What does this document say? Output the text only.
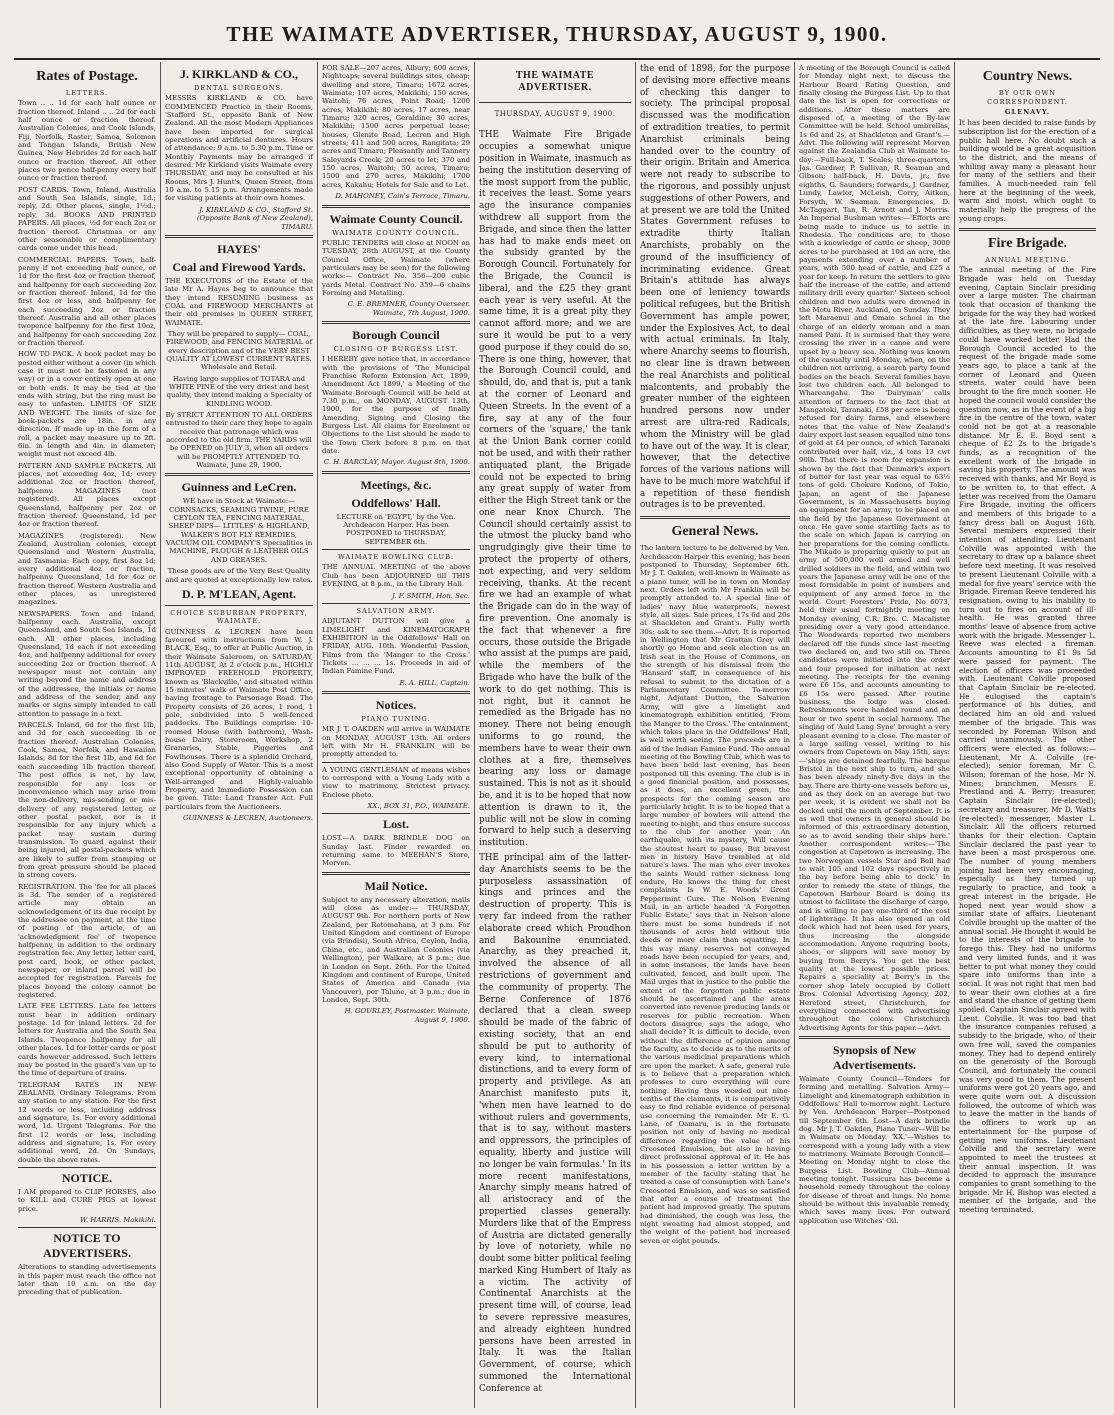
THE WAIMATE ADVERTISER, THURSDAY, AUGUST 9, 1900.
Rates of Postage.
LETTERS.

Town .. .. 1d for each half ounce or fraction thereof. Inland .. .. 2d for each half ounce or fraction thereof. Australian Colonies, and Cook Islands, Fiji, Norfolk, Raster, Samoa, Solomon and Tongan Islands, British New Guinea, New Hebrides 2d for each half ounce or fraction thereof. All other places two pence half-penny every half ounce or fraction thereof.

POST CARDS. Town, Inland, Australia and South Sea Islands, single, 1d.; reply, 2d. Other places, single, 1½d.; reply, 3d. BOOKS AND PRINTED PAPERS. All places, ½d for each 2oz or fraction thereof. Christmas or any other seasonable or complimentary cards come under this head.

COMMERCIAL PAPERS. Town, half-penny if not exceeding half ounce, or 1d for the first 4oz or fraction thereof, and halfpenny for each succeeding 2oz or fraction thereof. Inland, 1d for the first 4oz or less, and halfpenny for each succeeding 2oz or fraction thereof. Australia and all other places twopence halfpenny for the first 10oz, and halfpenny for each succeeding 2oz or fraction thereof.

HOW TO PACK. A book packet may be posted either without a cover (in which case it must not be fastened in any way) or in a cover entirely open at one or both ends. It may be tied at the ends with string, but the ring must be easy to unfasten. LIMITS OF SIZE AND WEIGHT. The limits of size for book-packets are 18in. in any direction. If made up in the form of a roll, a packet may measure up to 2ft. 6in. in length and 4in. in diameter; weight must not exceed 4lb.

PATTERN AND SAMPLE PACKETS. All places, not exceeding 4oz, 1d; every additional 2oz or fraction thereof, halfpenny. MAGAZINES (not registered). All places except Queensland, halfpenny per 2oz or fraction thereof. Queensland, 1d per 4oz or fraction thereof.

MAGAZINES (registered). New Zealand, Australian colonies, except Queensland and Western Australia, and Tasmania: Each copy, first 8oz 1d; every additional 4oz or fraction, halfpenny. Queensland, 1d for 4oz or fraction thereof. Western Australia and other places, as unregistered magazines.

NEWSPAPERS. Town and Inland, halfpenny each. Australia, except Queensland, and South Sea Islands, 1d each. All other places, including Queensland, 1d each if not exceeding 4oz, and halfpenny additional for every succeeding 2oz or fraction thereof. A newspaper must not contain any writing beyond the name and address of the addressee, the initials or name and address of the sender, and any marks or signs simply intended to call attention to passage in a text.

PARCELS. Inland, 6d for the first 1lb, and 3d for each succeeding lb or fraction thereof. Australian Colonies, Cook, Samoa, Norfolk, and Hawaiian Islands, 8d for the first 1lb, and 6d for each succeeding 1lb fraction thereof. The post office is not, by law, responsible for any loss or inconvenience which may arise from the non-delivery, mis-sending or mis-delivery of any registered letter, or other postal packet, nor is it responsible for any injury which a packet may sustain during transmission. To guard against their being injured, all postal-packets which are likely to suffer from stamping or from great pressure should be placed in strong covers.

REGISTRATION. The 'fee for all places is 3d. The sender of a registered article may obtain an acknowledgement of its due receipt by the addressee on payment, at the time of posting of the article, of an 'acknowledgment fee' of twopence halfpenny, in addition to the ordinary registration fee. Any letter, letter card, post card, book, or other packet, newspaper, or inland parcel will be accepted for registration. Parcels for places beyond the colony cannot be registered.

LATE FEE LETTERS. Late fee letters must bear in addition ordinary postage. 1d for inland letters. 2d for letters for Australia and the South Sea Islands. Twopence halfpenny for all other places. 1d for letter cards or post cards however addressed. Such letters may be posted in the guard's van up to the time of departure of trains.

TELEGRAM RATES IN NEW ZEALAND. Ordinary Telegrams. From any station to any station. For the first 12 words or less, including address and signature, 1s. For every additional word, 1d. Urgent Telegrams. For the first 12 words or less, including address and signature, 1s. For every additional word, 2d. On Sundays, double the above rates.

NOTICE.

I AM prepared to CLIP HORSES, also to KILL and CURE PIGS at lowest price.

W. HARRIS. Makikihi.

NOTICE TO ADVERTISERS.

Alterations to standing advertisements in this paper must reach the office not later than 10 a.m. on the day preceding that of publication.

J. KIRKLAND & CO.,
DENTAL SURGEONS.

MESSRS KIRKLAND & CO. have COMMENCED Practice in their Rooms, 'Stafford St., opposite Bank of New Zealand. All the most Modern Appliances have been imported for surgical operations and artificial dentures. Hours of attendance: 9 a.m. to 5.30 p.m. Time or Monthly Payments may be arranged if desired. Mr Kirkland visits Waimate every THURSDAY, and may be consulted at his Rooms, Mrs J. Hunt's, Queen Street, from 10 a.m. to 5.15 p.m. Arrangements made for visiting patients at their own homes.

J. KIRKLAND & CO., Stafford St. (Opposite Bank of New Zealand), TIMARU.

HAYES'
Coal and Firewood Yards.

THE EXECUTORS of the Estate of the late Mr A. Hayes beg to announce that they intend RESUMING business as COAL and FIREWOOD MERCHANTS at their old premises in QUEEN STREET, WAIMATE.

They will be prepared to supply— COAL, FIREWOOD, and FENCING MATERIAL of every description and of the VERY BEST QUALITY AT LOWEST CURRENT RATES. Wholesale and Retail.

Having large supplies of TOTARA and WHITE PINE of the very driest and best quality, they intend making a Specialty of KINDLING WOOD.

By STRICT ATTENTION TO ALL ORDERS entrusted to their care they hope to again receive that patronage which was accorded to the old firm. THE YARDS will be OPENED on JULY 3, when all orders will be PROMPTLY ATTENDED TO. Waimate, June 29, 1900.

Guinness and LeCren.

WE have in Stock at Waimate:— CORNSACKS, SEAMING TWINE, PURE CEYLON TEA, FENCING MATERIAL, SHEEP DIPS— LITTLES' & HIGHLAND, WALKER'S BOT FLY REMEDIES, VACUUM OIL COMPANY'S Specialities in MACHINE, FLOUGH & LEATHER OILS AND GREASES.

These goods are of the Very Best Quality and are quoted at exceptionally low rates.

D. P. M'LEAN, Agent.
CHOICE SUBURBAN PROPERTY, WAIMATE.

GUINNESS & LECREN have been favoured with instructions from W. J. BLACK, Esq., to offer at Public Auction, in their Waimate Saleroom, on SATURDAY, 11th AUGUST, At 2 o'clock p.m., HIGHLY IMPROVED FREEHOLD PROPERTY, known as 'Blackville,' and situated within 15 minutes' walk of Waimate Post Office, having frontage to Parsonage Road. The Property consists of 26 acres, 1 rood, 1 pole, subdivided into 5 well-fenced paddocks. The Buildings comprise: 10-roomed House (with bathroom), Wash-house Dairy, Storeroom, Workshop, 2 Granaries, Stable, Piggeries and Fowlhouses. There is a splendid Orchard, also Good Supply of Water. This is a most exceptional opportunity of obtaining a Well-arranged and Highly-valuable Property, and Immediate Possession can be given. Title: Land Transfer Act. Full particulars from the Auctioneers.

GUINNESS & LECREN, Auctioneers.

FOR SALE—207 acres, Albury; 600 acres, Nightcaps; several buildings sites, cheap; dwelling and store, Timaru; 1672 acres, Waimate; 107 acres, Makikihi; 150 acres, Waitohi; 76 acres, Point Road; 1200 acres, Makikihi; 80 acres, 17 acres, near Timaru; 320 acres, Geraldine; 30 acres, Makikihi; 1500 acres perpetual lease; houses, Glenite Road, Lecren and High streets; 411 and 500 acres, Rangitata; 29 acres and Timaru; Pleasantly and Tannery Saleyards Creek; 20 acres to let; 370 and 150 acres, Waitohi; 50 acres, Timaru; 1500 and 270 acres, Makikihi; 1700 acres, Kakahu; Hotels for Sale and to Let.

D. MAHONEY, Cain's Terrace, Timaru.

Waimate County Council.
WAIMATE COUNTY COUNCIL.

PUBLIC TENDERS will close at NOON on TUESDAY, 28th AUGUST, at the County Council Office, Waimate (where particulars may be seen) for the following works:— Contract No. 356—200 cubic yards Metal. Contract No. 359—6 chains Forming and Metalling.

C. E. BREMNER, County Overseer. Waimate, 7th August, 1900.

Borough Council
CLOSING OF BURGESS LIST.

I HEREBY give notice that, in accordance with the provisions of 'The Municipal Franchise Reform Extension Act, 1899, Amendment Act 1899,' a Meeting of the Waimate Borough Council will be held at 7.30 p.m., on MONDAY, AUGUST 13th, 1900, for the purpose of finally Amending, Signing and Closing the Burgess List. All claims for Enrolment or Objections to the List should be made to the Town Clerk before 8 p.m. on that date.

C. H. BARCLAY, Mayor. August 8th, 1900.

Meetings, &c.
Oddfellows' Hall.

LECTURE on 'EGYPT,' by the Ven. Archdeacon Harper. Has been POSTPONED to THURSDAY, SEPTEMBER 6th.

WAIMATE BOWLING CLUB.

THE ANNUAL MEETING of the above Club has been ADJOURNED till THIS EVENING, at 8 p.m., in the Library Hall.

J. F. SMITH, Hon. Sec.

SALVATION ARMY.

ADJUTANT DUTTON will give a LIMELIGHT and KINEMATOGRAPH EXHIBITION in the Oddfellows' Hall on FRIDAY, AUG. 10th. Wonderful Passion, Films from the 'Manger to the Cross.' Tickets ... ... ... 1s. Proceeds in aid of Indian Famine Fund.

E. A. HILL, Captain.

Notices.
PIANO TUNING.

MR J. T. OAKDEN will arrive in WAIMATE on MONDAY, AUGUST 13th. All orders left with Mr H. FRANKLIN will be promptly attended to.

A YOUNG GENTLEMAN of means wishes to correspond with a Young Lady with a view to matrimony. Strictest privacy. Enclose photo.

XX., BOX 31, P.O., WAIMATE.

Lost.

LOST.—A DARK BRINDLE DOG on Sunday last. Finder rewarded on returning same to MEEHAN'S Store, Morven.

Mail Notice.

Subject to any necessary alteration, mails will close as under:— THURSDAY, AUGUST 9th. For northern ports of New Zealand, per Rotomahana, at 3 p.m. For United Kingdom and continent of Europe (via Brindisi), South Africa, Ceylon, India, China, etc., and Australian Colonies (via Wellington), per Waikare, at 3 p.m.; due in London on Sept. 26th. For the United Kingdom and continent of Europe, United States of America and Canada (via Vancouver), per Talune, at 3 p.m.; due in London, Sept. 30th.

H. GOURLEY, Postmaster. Waimate, August 9, 1900.

THE WAIMATE ADVERTISER.
THURSDAY, AUGUST 9, 1900.

THE Waimate Fire Brigade occupies a somewhat unique position in Waimate, inasmuch as being the institution deserving of the most support from the public, it receives the least. Some years ago the insurance companies withdrew all support from the Brigade, and since then the latter has had to make ends meet on the subsidy granted by the Borough Council. Fortunately for the Brigade, the Council is liberal, and the £25 they grant each year is very useful. At the same time, it is a great pity they cannot afford more; and we are sure it would be put to a very good purpose if they could do so. There is one thing, however, that the Borough Council could, and should, do, and that is, put a tank at the corner of Leonard and Queen Streets. In the event of a fire, say at any of the four corners of the 'square,' the tank at the Union Bank corner could not be used, and with their rather antiquated plant, the Brigade could not be expected to bring any great supply of water from either the High Street tank or the one near Knox Church. The Council should certainly assist to the utmost the plucky band who ungrudgingly give their time to protect the property of others, not expecting, and very seldom receiving, thanks. At the recent fire we had an example of what the Brigade can do in the way of fire prevention. One anomaly is the fact that whenever a fire occurs, those outside the Brigade who assist at the pumps are paid, while the members of the Brigade who have the bulk of the work to do get nothing. This is not right, but it cannot be remedied as the Brigade has no money. There not being enough uniforms to go round, the members have to wear their own clothes at a fire, themselves bearing any loss or damage sustained. This is not as it should be, and it is to be hoped that now attention is drawn to it, the public will not be slow in coming forward to help such a deserving institution.

THE principal aim of the latter-day Anarchists seems to be the purposeless assassination of kings and princes and the destruction of property. This is very far indeed from the rather elaborate creed which Proudhon and Bakounine enunciated. Anarchy, as they preached it, involved the absence of all restrictions of government and the community of property. The Berne Conference of 1876 declared that a clean sweep should be made of the fabric of existing society, that an end should be put to authority of every kind, to international distinctions, and to every form of property and privilege. As an Anarchist manifesto puts it, 'when men have learned to do without rulers and governments, that is to say, without masters and oppressors, the principles of equality, liberty and justice will no longer be vain formulas.' In its more recent manifestations, Anarchy simply means hatred of all aristocracy and of the propertied classes generally. Murders like that of the Empress of Austria are dictated generally by love of notoriety, while no doubt some bitter political feeling marked King Humbert of Italy as a victim. The activity of Continental Anarchists at the present time will, of course, lead to severe repressive measures, and already eighteen hundred persons have been arrested in Italy. It was the Italian Government, of course, which summoned the International Conference at

the end of 1898, for the purpose of devising more effective means of checking this danger to society. The principal proposal discussed was the modification of extradition treaties, to permit Anarchist criminals being handed over to the country of their origin. Britain and America were not ready to subscribe to the rigorous, and possibly unjust suggestions of other Powers, and at present we are told the United States Government refuses to extradite thirty Italian Anarchists, probably on the ground of the insufficiency of incriminating evidence. Great Britain's attitude has always been one of leniency towards political refugees, but the British Government has ample power, under the Explosives Act, to deal with actual criminals. In Italy, where Anarchy seems to flourish, no clear line is drawn between the real Anarchists and political malcontents, and probably the greater number of the eighteen hundred persons now under arrest are ultra-red Radicals, whom the Ministry will be glad to have out of the way. It is clear, however, that the detective forces of the various nations will have to be much more watchful if a repetition of these fiendish outrages is to be prevented.

General News.

The lantern lecture to be delivered by Ven. Archdeacon Harper this evening, has been postponed to Thursday, September 6th. Mr J. T. Oakden, well-known in Waimate as a piano tuner, will be in town on Monday next. Orders left with Mr Franklin will be promptly attended to. A special line of ladies' navy blue waterproofs, newest style, all sizes. Sale prices, 17s 6d and 20s at Shackleton and Grant's. Fully worth 30s; ask to see them.—Advt. It is reported in Wellington that Mr Grattan Grey will shortly go Home and seek election as an Irish seat in the House of Commons, on the strength of his dismissal from the 'Hansard' staff, in consequence of his refusal to submit to the dictation of a Parliamentary Committee. To-morrow night, Adjutant Dutton, the Salvation Army, will give a limelight and kinematograph exhibition entitled, 'From the Manger to the Cross.' The entainment, which takes place in the Oddfellows' Hall, is well worth seeing. The proceeds are in aid of the Indian Famine Fund. The annual meeting of the Bowling Club, which was to have been held last evening, has been postponed till this evening. The club is in a good financial position, and possesses, as it does, an excellent green, the prospects for the coming season are particularly bright. It is to be hoped that a large number of bowlers will attend the meeting to-night, and thus ensure success to the club for another year. An earthquake, with its mystery, Will cause the stoutest heart to pause, But bravest men in history Have trembled at old nature's laws. The man who ever invokes the saints Would rather sickness long endure, He knows the thing for chest complaints Is W. E. Woods' Great Peppermint Cure. The Nelson Evening Mail, in an article headed 'A Forgotten Public Estate,' says that in Nelson alone there must be some hundreds if not thousands of acres held without title deeds or more claim than squatting. In this way many reserves not conveyed roads have been occupied for years, and, in some instances, the lands have been cultivated, fenced, and built upon. The Mail urges that in justice to the public the extent of the forgotten public estate should be ascertained and the areas converted into revenue producing lands or reserves for public recreation. When doctors disagree, says the adage, who shall decide? It is difficult to decide, even without the difference of opinion among the faculty, as to decide as to the merits of the various medicinal preparations which are upon the market. A safe, general rule is to believe that a preparation which professes to cure everything will cure nothing. Having thus weeded out nine-tenths of the claimants, it is comparatively easy to find reliable evidence of personal use concerning the remainder. Mr E. G. Lane, of Oamaru, is in the fortunate position not only of having no medical difference regarding the value of his Creosoted Emulsion, but also in having direct professional approval of it. He has in his possession a letter written by a member of the faculty stating that he treated a case of consumption with Lane's Creosoted Emulsion, and was so satisfied that after a course of treatment the patient had improved greatly. The sputum had diminished, the cough was less, the night sweating had almost stopped, and the weight of the patient had increased seven or eight pounds.

A meeting of the Borough Council is called for Monday night next, to discuss the Harbour Board Rating Question, and finally closing the Burgess List. Up to that date the list is open for corrections or additions. After these matters are disposed of, a meeting of the By-law Committee will be held. School umbrellas, 1s 6d and 2s, at Shackleton and Grant's.—Advt. The following will represent Morven against the Zealandia Club at Waimate to-day:—Full-back, T. Scales; three-quarters, Jas. Gardner, P. Sullivan, R. Seaman and Gibson; half-back, H. Davis, jr.; five eighths, G. Saunders; forwards, J. Gardner, Lundy, Lawlor, McLeish, Corry, Aitken, Forsyth, W. Seaman. Emergencies, D. McTaggart, Tan, R. Arnott and J. Morris. An Imperial Bushman writes:—'Efforts are being made to induce us to settle in Rhodesia. The conditions are, to those with a knowledge of cattle or sheep, 3000 acres to be purchased at 10d an acre, the payments extending over a number of years, with 500 head of cattle, and £25 a year for keep. In return the settlers to give half the increase of the cattle, and attend military drill every quarter.' Sixteen school children and two adults were drowned in the Motu River, Auckland, on Sunday. They left Maraenui and Omaio school in the charge of an elderly woman and a man named Pani. It is surmised that they were crossing the river in a canoe and were upset by a heavy sea. Nothing was known of the casualty until Monday, when, on the children not arriving, a search party found bodies on the beach. Several families have lost two children each. All belonged to Whareangahu. The 'Dairyman' calls attention of farmers to the fact that at Mangatoki, Taranaki, £58 per acre is being refused for dairy farms, and elsewhere notes that the value of New Zealand's dairy export last season equalled nine tons of gold at £4 per ounce, of which Taranaki contributed over half, viz., 4 tons 13 cwt 90lb. That there is room for expansion is shown by the fact that Denmark's export of butter for last year was equal to 63½ tons of gold. Chokuro Kadono, of Tokio, Japan, an agent of the Japanese Government, is in Massachusetts buying an equipment for an army, to be placed on the field by the Japanese Government at once. He gave some startling facts as to the scale on which Japan is carrying on her preparations for the coming conflicts. The Mikado is preparing quietly to put an army of 500,000 well armed and well drilled soldiers in the field, and within two years the Japanese army will be one of the most formidable in point of numbers and equipment of any armed force in the world. Court Foresters' Pride, No 6073, held their usual fortnightly meeting on Monday evening, C.R. Bro. C. Macalister presiding over a very good attendance. The Woodwards reported two members declared off the funds since last meeting two declared on, and two still on. Three candidates were initiated into the order and four proposed for initiation at next meeting. The receipts for the evening were £6 15s, and accounts amounting to £6 15s were passed. After routine business, the lodge was closed. Refreshments were handed round and an hour or two spent in social harmony. The singing of 'Auld Lang Syne' brought a very pleasant evening to a close. The master of a large sailing vessel, writing to his owners from Capetown on May 15th, says:—'ships are detained fearfully. The barque Bristol in the next ship to turn, and she has been already ninety-five days in the bay. There are thirty-one vessels before us, and as they dock on an average but two per week, it is evident we shall not be docked until the month of September. It is as well that owners in general should be informed of this extraordinary detention, so as to avoid sending their ships here.' Another correspondent writes:—'The congestion at Capetown is increasing. The two Norwegian vessels Star and Bell had to wait 105 and 102 days respectively in the bay before being able to dock.' In order to remedy the state of things, the Capetown Harbour Board is doing its utmost to facilitate the discharge of cargo, and is willing to pay one-third of the cost of lighterage. It has also opened an old dock which had not been used for years, thus increasing the alongside accommodation. Anyone requiring boots, shoes, or slippers will save money by buying from Berry's. You get the best quality at the lowest possible prices. Repairs a speciality at Berry's in the corner shop lately occupied by Collett Bros. Colonial Advertising Agency, 202, Hereford street, Christchurch, for everything connected with advertising throughout the colony. Christchurch Advertising Agents for this paper.—Advt.

Synopsis of New Advertisements.

Waimate County Council—Tenders for forming and metalling. Salvation Army—Limelight and kinematograph exhibition in Oddfellows' Hall to-morrow night. Lecture by Ven. Archdeacon Harper—Postponed till September 6th. Lost—A dark brindle dog. Mr J. T. Oakden, Piano Tuner—Will be in Waimate on Monday. 'XX.'—Wishes to correspond with a young lady with a view to matrimony. Waimate Borough Council—Meeting on Monday night to close the Burgess List. Bowling Club—Annual meeting tonight. Tussicura has become a household remedy throughout the colony for disease of throat and lungs. No home should be without this invaluable remedy, which saves many lives. For outward application use Witches' Oil.

Country News.
BY OUR OWN CORRESPONDENT.
GLENAVY.

It has been decided to raise funds by subscription list for the erection of a public hall here. No doubt such a building would be a great acquisition to the district, and the means of whiling away many a pleasant hour for many of the settlers and their families. A much-needed rain fell here at the beginning of the week, warm and moist, which ought to materially help the progress of the young crops.

Fire Brigade.
ANNUAL MEETING.

The annual meeting of the Fire Brigade was held on Tuesday evening, Captain Sinclair presiding over a large muster. The chairman took that occasion of thanking the brigade for the way they had worked at the late fire. Labouring under difficulties, as they were, no brigade could have worked better. Had the Borough Council acceded to the request of the brigade made some years ago, to place a tank at the corner of Leonard and Queen streets, water could have been brought to the fire much sooner. He hoped the council would consider the question now, as in the event of a big fire in the centre of the town, water could not be got at a reasonable distance. Mr E. E. Boyd sent a cheque of £2 2s to the brigade's funds, as a recognition of the excellent work of the brigade in saving his property. The amount was received with thanks, and Mr Boyd is to be written to, to that effect. A letter was received from the Oamaru Fire Brigade, inviting the officers and members of this brigade to a fancy dress ball on August 16th. Several members expressed their intention of attending. Lieutenant Colville was appointed with the secretary to draw up a balance sheet before next meeting. It was resolved to present Lieutenant Colville with a medal for five years' service with the Brigade. Fireman Reeve tendered his resignation, owing to his inability to turn out to fires on account of ill-health. He was granted three months' leave of absence from active work with the brigade. Messenger L. Reeve was elected a fireman. Accounts amounting to £1 9s 5d were passed for payment. The election of officers was proceeded with. Lieutenant Colville proposed that Captain Sinclair be re-elected. He eulogised the captain's performance of his duties, and declared him an old and valued member of the brigade. This was seconded by Foreman Wilson and carried unanimously. The other officers were elected as follows:—Lieutenant, Mr A. Colville (re-elected); senior foreman, Mr C. Wilson; foreman of the hose, Mr N. Mines; branchmen, Messrs E. Prestland and A. Berry; treasurer, Captain Sinclair (re-elected); secretary and treasurer, Mr D. Watts (re-elected); messenger, Master L. Sinclair. All the officers returned thanks for their election. Captain Sinclair declared the past year to have been a most prosperous one. The number of young members joining had been very encouraging, especially as they turned up regularly to practice, and took a great interest in the brigade. He hoped next year would show a similar state of affairs. Lieutenant Colville brought up the matter of the annual social. He thought it would be to the interests of the brigade to forego this. They had no uniforms and very limited funds, and it was better to put what money they could spare into uniforms than into a social. It was not right that men had to wear their own clothes at a fire and stand the chance of getting them spoiled. Captain Sinclair agreed with Lieut. Colville. It was too bad that the insurance companies refused a subsidy to the brigade, who, of their own free will, saved the companies money. They had to depend entirely on the generosity of the Borough Council, and fortunately the council was very good to them. The present uniforms were got 20 years ago, and were quite worn out. A discussion followed, the outcome of which was to leave the matter in the hands of the officers to work up an entertainment for the purpose of getting new uniforms. Lieutenant Colville and the secretary were appointed to meet the trustees at their annual inspection. It was decided to approach the insurance companies to grant something to the brigade. Mr H. Bishop was elected a member of the brigade, and the meeting terminated.
